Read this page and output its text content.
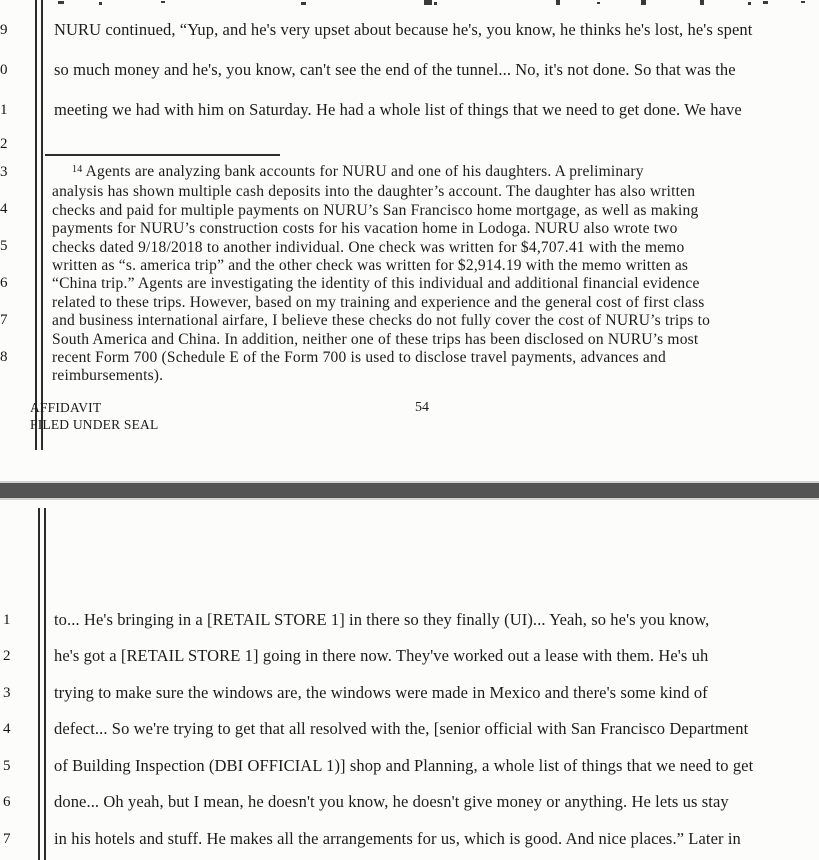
9
0
1
2
3
4
5
6
7
8
NURU continued, “Yup, and he's very upset about because he's, you know, he thinks he's lost, he's spent
so much money and he's, you know, can't see the end of the tunnel... No, it's not done. So that was the
meeting we had with him on Saturday. He had a whole list of things that we need to get done. We have
$^{14}$ Agents are analyzing bank accounts for NURU and one of his daughters. A preliminary
analysis has shown multiple cash deposits into the daughter’s account. The daughter has also written
checks and paid for multiple payments on NURU’s San Francisco home mortgage, as well as making
payments for NURU’s construction costs for his vacation home in Lodoga. NURU also wrote two
checks dated 9/18/2018 to another individual. One check was written for $4,707.41 with the memo
written as “s. america trip” and the other check was written for $2,914.19 with the memo written as
“China trip.” Agents are investigating the identity of this individual and additional financial evidence
related to these trips. However, based on my training and experience and the general cost of first class
and business international airfare, I believe these checks do not fully cover the cost of NURU’s trips to
South America and China. In addition, neither one of these trips has been disclosed on NURU’s most
recent Form 700 (Schedule E of the Form 700 is used to disclose travel payments, advances and
reimbursements).
AFFIDAVIT
FILED UNDER SEAL
54
1
2
3
4
5
6
7
to... He's bringing in a [RETAIL STORE 1] in there so they finally (UI)... Yeah, so he's you know,
he's got a [RETAIL STORE 1] going in there now. They've worked out a lease with them. He's uh
trying to make sure the windows are, the windows were made in Mexico and there's some kind of
defect... So we're trying to get that all resolved with the, [senior official with San Francisco Department
of Building Inspection (DBI OFFICIAL 1)] shop and Planning, a whole list of things that we need to get
done... Oh yeah, but I mean, he doesn't you know, he doesn't give money or anything. He lets us stay
in his hotels and stuff. He makes all the arrangements for us, which is good. And nice places.” Later in
